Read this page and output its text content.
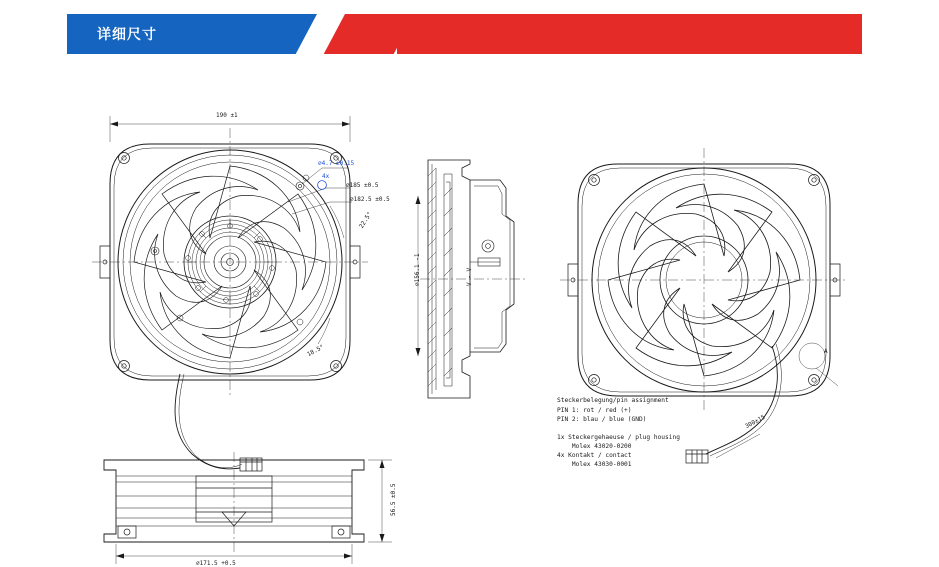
详细尺寸
190 ±1
⌀4.7 ±0.15
4x
⌀185 ±0.5
⌀182.5 ±0.5
22.5°
18.5°
⌀156.1 -1	V - V
56.5 ±0.5
⌀171.5 +0.5
A
300±15
Steckerbelegung/pin assignment
PIN 1: rot / red (+)
PIN 2: blau / blue (GND)
1x Steckergehaeuse / plug housing
Molex 43020-0200
4x Kontakt / contact
Molex 43030-0001
